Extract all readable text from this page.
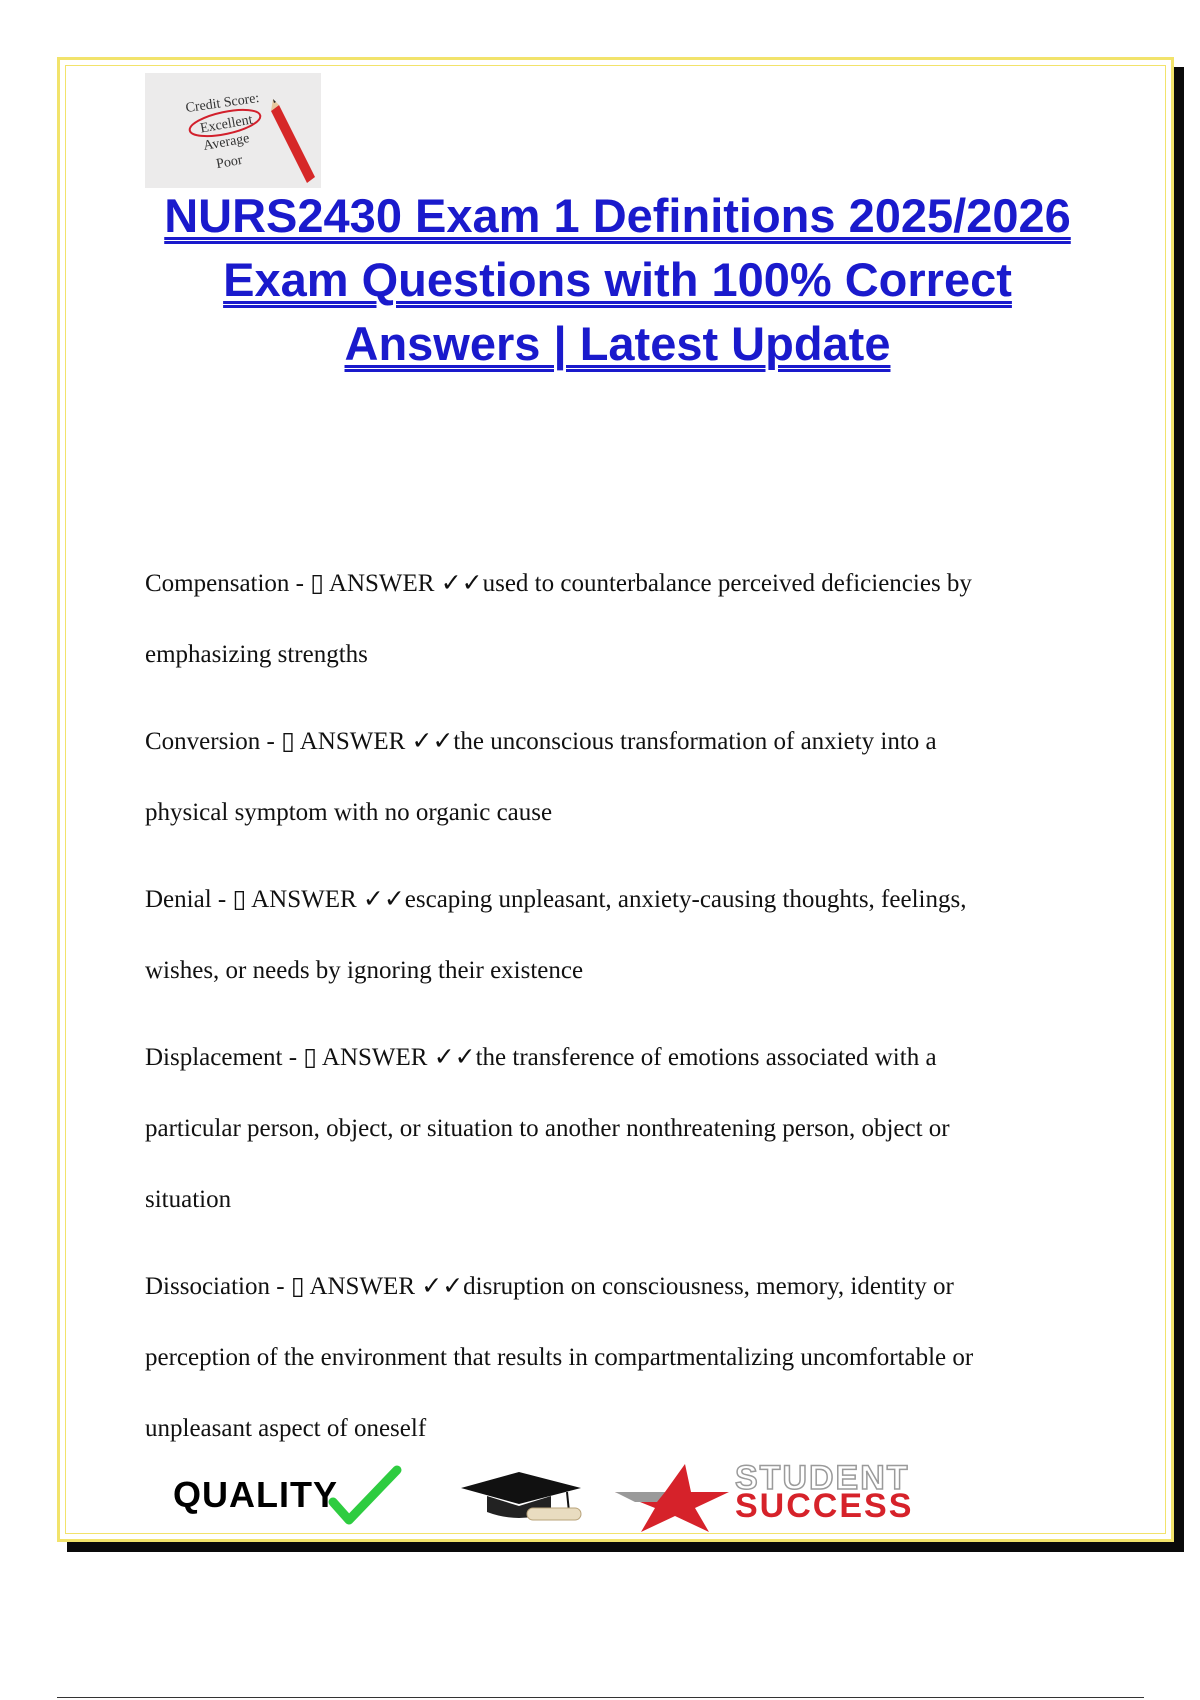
Credit Score:
Excellent
Average
Poor
NURS2430 Exam 1 Definitions 2025/2026
Exam Questions with 100% Correct
Answers | Latest Update
Compensation - ▯ ANSWER ✓✓used to counterbalance perceived deficiencies by
emphasizing strengths
Conversion - ▯ ANSWER ✓✓the unconscious transformation of anxiety into a
physical symptom with no organic cause
Denial - ▯ ANSWER ✓✓escaping unpleasant, anxiety-causing thoughts, feelings,
wishes, or needs by ignoring their existence
Displacement - ▯ ANSWER ✓✓the transference of emotions associated with a
particular person, object, or situation to another nonthreatening person, object or
situation
Dissociation - ▯ ANSWER ✓✓disruption on consciousness, memory, identity or
perception of the environment that results in compartmentalizing uncomfortable or
unpleasant aspect of oneself
QUALITY	STUDENT
SUCCESS
